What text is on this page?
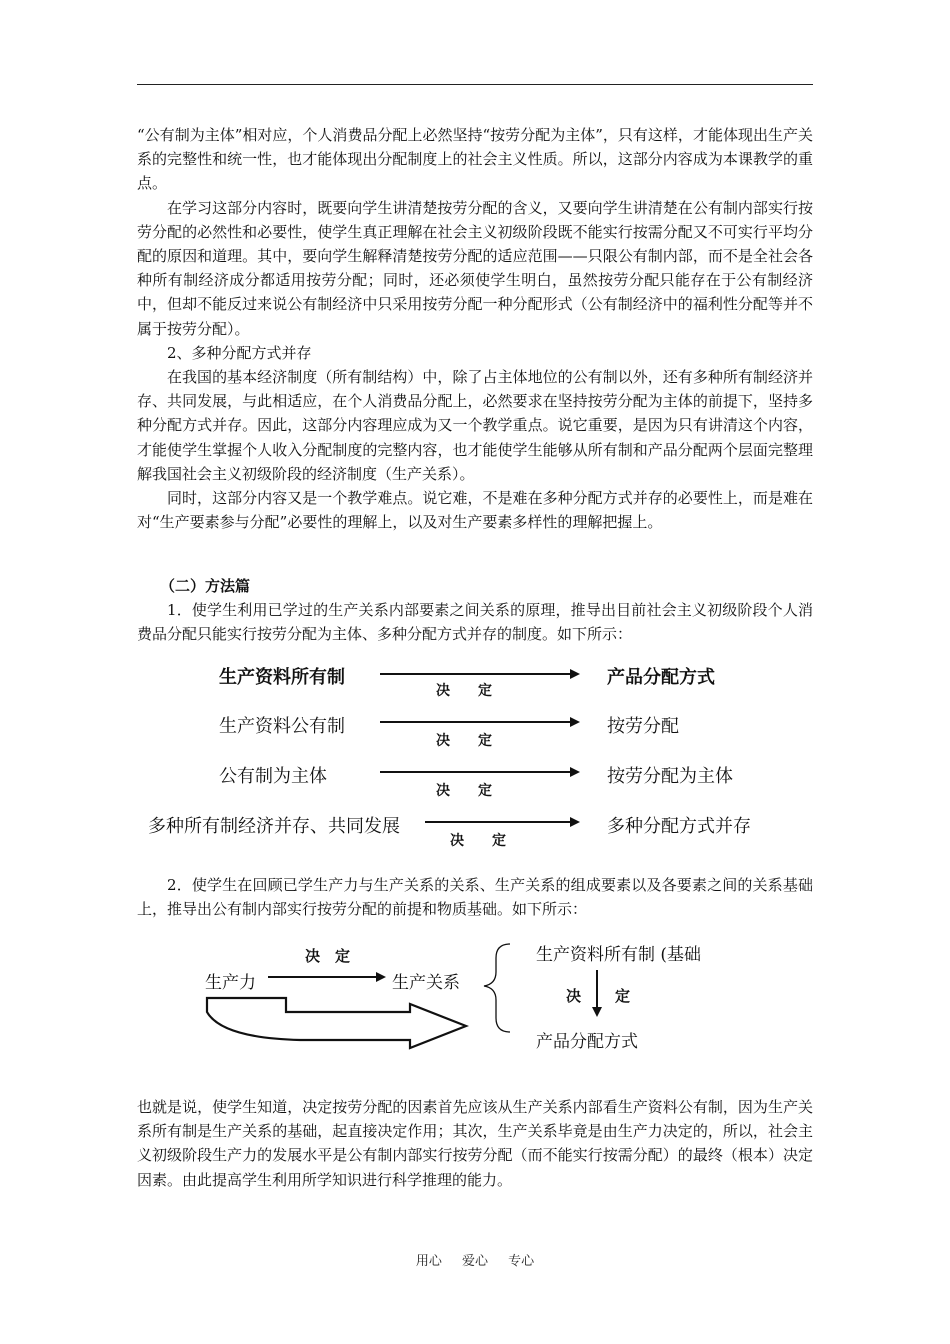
“公有制为主体”相对应，个人消费品分配上必然坚持“按劳分配为主体”，只有这样，才能体现出生产关系的完整性和统一性，也才能体现出分配制度上的社会主义性质。所以，这部分内容成为本课教学的重点。

在学习这部分内容时，既要向学生讲清楚按劳分配的含义，又要向学生讲清楚在公有制内部实行按劳分配的必然性和必要性，使学生真正理解在社会主义初级阶段既不能实行按需分配又不可实行平均分配的原因和道理。其中，要向学生解释清楚按劳分配的适应范围——只限公有制内部，而不是全社会各种所有制经济成分都适用按劳分配；同时，还必须使学生明白，虽然按劳分配只能存在于公有制经济中，但却不能反过来说公有制经济中只采用按劳分配一种分配形式（公有制经济中的福利性分配等并不属于按劳分配）。

2、多种分配方式并存

在我国的基本经济制度（所有制结构）中，除了占主体地位的公有制以外，还有多种所有制经济并存、共同发展，与此相适应，在个人消费品分配上，必然要求在坚持按劳分配为主体的前提下，坚持多种分配方式并存。因此，这部分内容理应成为又一个教学重点。说它重要，是因为只有讲清这个内容，才能使学生掌握个人收入分配制度的完整内容，也才能使学生能够从所有制和产品分配两个层面完整理解我国社会主义初级阶段的经济制度（生产关系）。

同时，这部分内容又是一个教学难点。说它难，不是难在多种分配方式并存的必要性上，而是难在对“生产要素参与分配”必要性的理解上，以及对生产要素多样性的理解把握上。

（二）方法篇

1．使学生利用已学过的生产关系内部要素之间关系的原理，推导出目前社会主义初级阶段个人消费品分配只能实行按劳分配为主体、多种分配方式并存的制度。如下所示：

生产资料所有制
决　　定
产品分配方式
生产资料公有制
决　　定
按劳分配
公有制为主体
决　　定
按劳分配为主体
多种所有制经济并存、共同发展
决　　定
多种分配方式并存

2．使学生在回顾已学生产力与生产关系的关系、生产关系的组成要素以及各要素之间的关系基础上，推导出公有制内部实行按劳分配的前提和物质基础。如下所示：

决　定
生产力	生产关系
生产资料所有制 (基础
决 定
产品分配方式

也就是说，使学生知道，决定按劳分配的因素首先应该从生产关系内部看生产资料公有制，因为生产关系所有制是生产关系的基础，起直接决定作用；其次，生产关系毕竟是由生产力决定的，所以，社会主义初级阶段生产力的发展水平是公有制内部实行按劳分配（而不能实行按需分配）的最终（根本）决定因素。由此提高学生利用所学知识进行科学推理的能力。

用心 爱心 专心
